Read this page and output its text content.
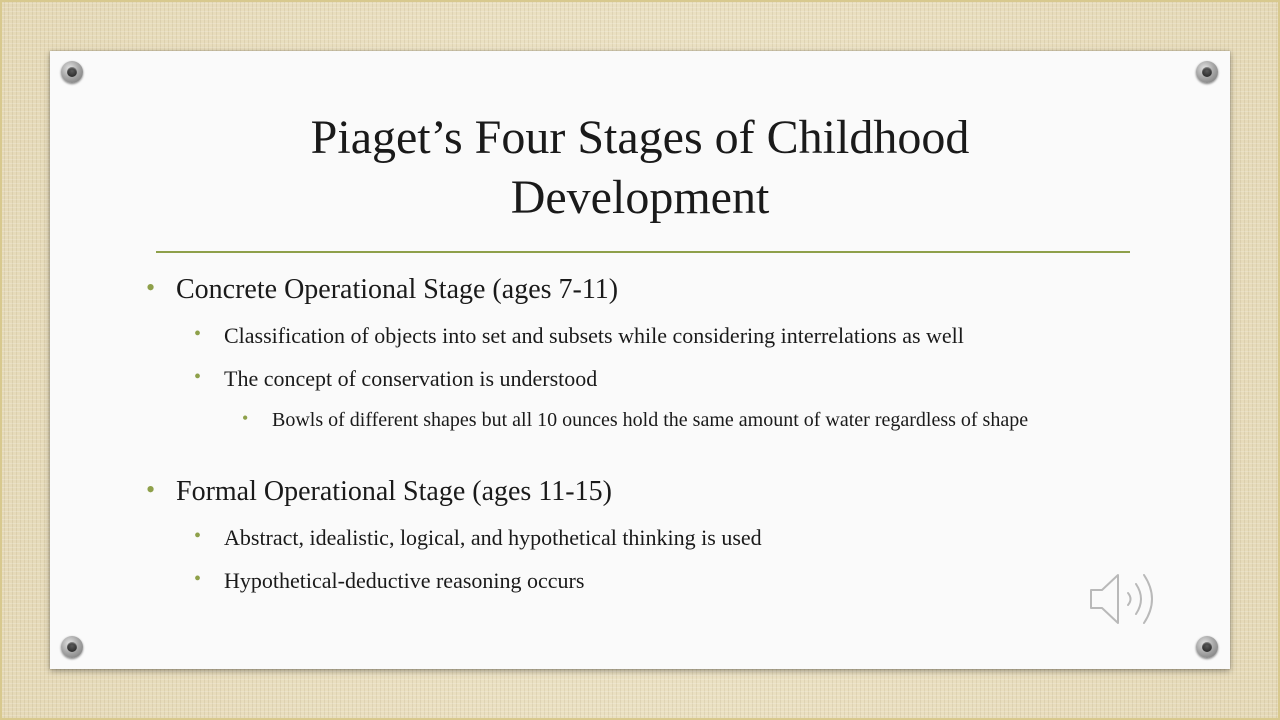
Piaget’s Four Stages of Childhood
Development
• Concrete Operational Stage (ages 7-11)
• Classification of objects into set and subsets while considering interrelations as well
• The concept of conservation is understood
• Bowls of different shapes but all 10 ounces hold the same amount of water regardless of shape
• Formal Operational Stage (ages 11-15)
• Abstract, idealistic, logical, and hypothetical thinking is used
• Hypothetical-deductive reasoning occurs
